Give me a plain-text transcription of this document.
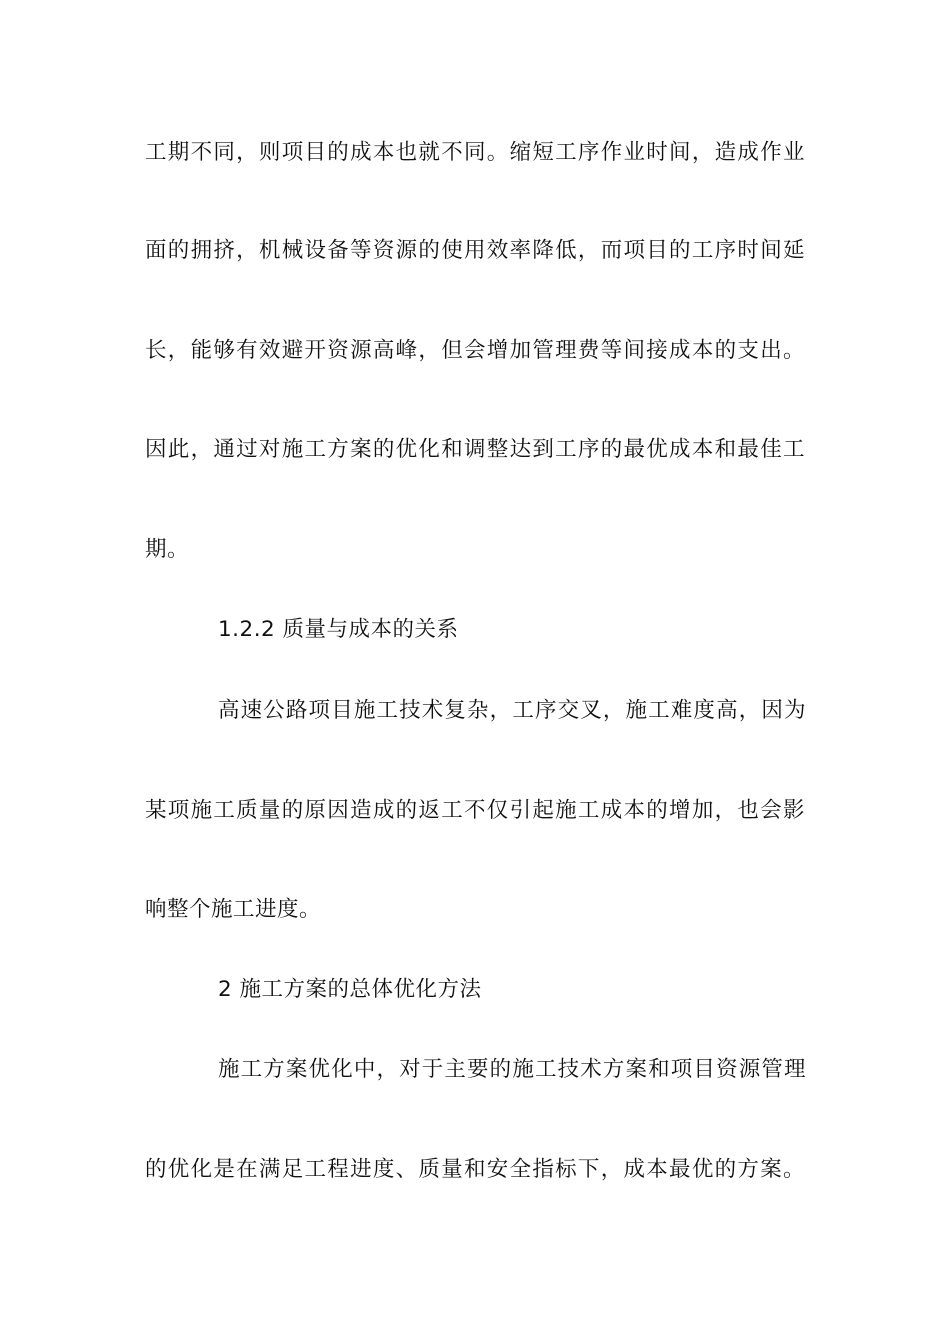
工期不同，则项目的成本也就不同。缩短工序作业时间，造成作业
面的拥挤，机械设备等资源的使用效率降低，而项目的工序时间延
长，能够有效避开资源高峰，但会增加管理费等间接成本的支出。
因此，通过对施工方案的优化和调整达到工序的最优成本和最佳工
期。
1.2.2 质量与成本的关系
高速公路项目施工技术复杂，工序交叉，施工难度高，因为
某项施工质量的原因造成的返工不仅引起施工成本的增加，也会影
响整个施工进度。
2 施工方案的总体优化方法
施工方案优化中，对于主要的施工技术方案和项目资源管理
的优化是在满足工程进度、质量和安全指标下，成本最优的方案。
